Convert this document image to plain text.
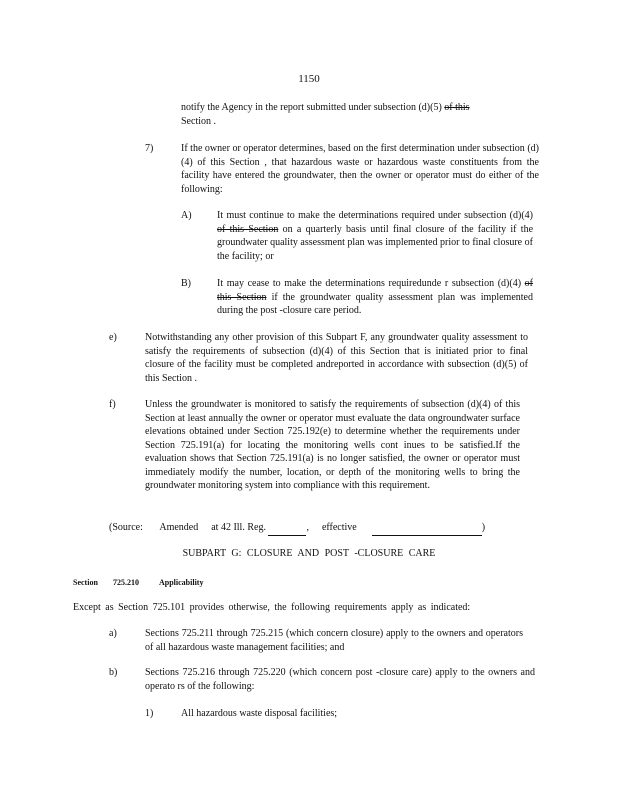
1150
notify the Agency in the report submitted under subsection (d)(5) of this
Section .
7)	If the owner or operator determines, based on the first determination under subsection (d)(4) of this Section , that hazardous waste or hazardous waste constituents from the facility have entered the groundwater, then the owner or operator must do either of the following:
A)	It must continue to make the determinations required under subsection (d)(4) of this Section on a quarterly basis until final closure of the facility if the groundwater quality assessment plan was implemented prior to final closure of the facility; or
B)	It may cease to make the determinations requiredunde r subsection (d)(4) of this Section if the groundwater quality assessment plan was implemented during the post -closure care period.
e)	Notwithstanding any other provision of this Subpart F, any groundwater quality assessment to satisfy the requirements of subsection (d)(4) of this Section that is initiated prior to final closure of the facility must be completed andreported in accordance with subsection (d)(5) of this Section .
f)	Unless the groundwater is monitored to satisfy the requirements of subsection (d)(4) of this Section at least annually the owner or operator must evaluate the data ongroundwater surface elevations obtained under Section 725.192(e) to determine whether the requirements under Section 725.191(a) for locating the monitoring wells cont inues to be satisfied.If the evaluation shows that Section 725.191(a) is no longer satisfied, the owner or operator must immediately modify the number, location, or depth of the monitoring wells to bring the groundwater monitoring system into compliance with this requirement.
(Source: Amended at 42 Ill. Reg.	,  effective	)
SUBPART G: CLOSURE AND POST -CLOSURE CARE
Section 725.210	Applicability
Except as Section 725.101 provides otherwise, the following requirements apply as indicated:
a)	Sections 725.211 through 725.215 (which concern closure) apply to the owners and operators of all hazardous waste management facilities; and
b)	Sections 725.216 through 725.220 (which concern post -closure care) apply to the owners and operato rs of the following:
1)	All hazardous waste disposal facilities;
